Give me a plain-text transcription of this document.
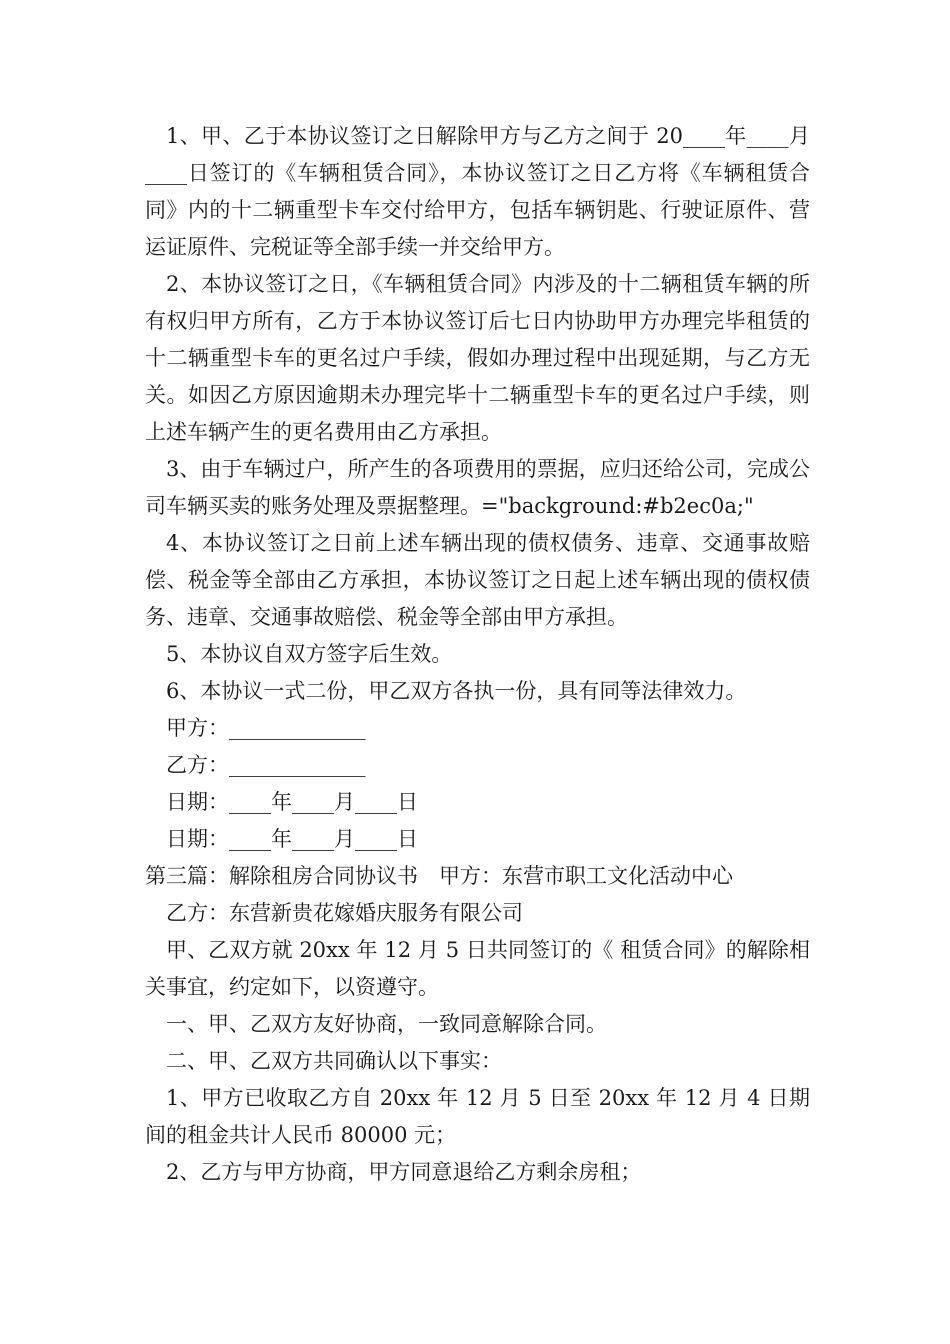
1、甲、乙于本协议签订之日解除甲方与乙方之间于 20____年____月____日签订的《车辆租赁合同》，本协议签订之日乙方将《车辆租赁合同》内的十二辆重型卡车交付给甲方，包括车辆钥匙、行驶证原件、营运证原件、完税证等全部手续一并交给甲方。

2、本协议签订之日，《车辆租赁合同》内涉及的十二辆租赁车辆的所有权归甲方所有，乙方于本协议签订后七日内协助甲方办理完毕租赁的十二辆重型卡车的更名过户手续，假如办理过程中出现延期，与乙方无关。如因乙方原因逾期未办理完毕十二辆重型卡车的更名过户手续，则上述车辆产生的更名费用由乙方承担。

3、由于车辆过户，所产生的各项费用的票据，应归还给公司，完成公司车辆买卖的账务处理及票据整理。="background:#b2ec0a;"

4、本协议签订之日前上述车辆出现的债权债务、违章、交通事故赔偿、税金等全部由乙方承担，本协议签订之日起上述车辆出现的债权债务、违章、交通事故赔偿、税金等全部由甲方承担。

5、本协议自双方签字后生效。

6、本协议一式二份，甲乙双方各执一份，具有同等法律效力。

甲方：_____________

乙方：_____________

日期：____年____月____日

日期：____年____月____日

第三篇：解除租房合同协议书　甲方：东营市职工文化活动中心

乙方：东营新贵花嫁婚庆服务有限公司

甲、乙双方就 20xx 年 12 月 5 日共同签订的《 租赁合同》的解除相关事宜，约定如下，以资遵守。

一、甲、乙双方友好协商，一致同意解除合同。

二、甲、乙双方共同确认以下事实：

1、甲方已收取乙方自 20xx 年 12 月 5 日至 20xx 年 12 月 4 日期间的租金共计人民币 80000 元；

2、乙方与甲方协商，甲方同意退给乙方剩余房租；
